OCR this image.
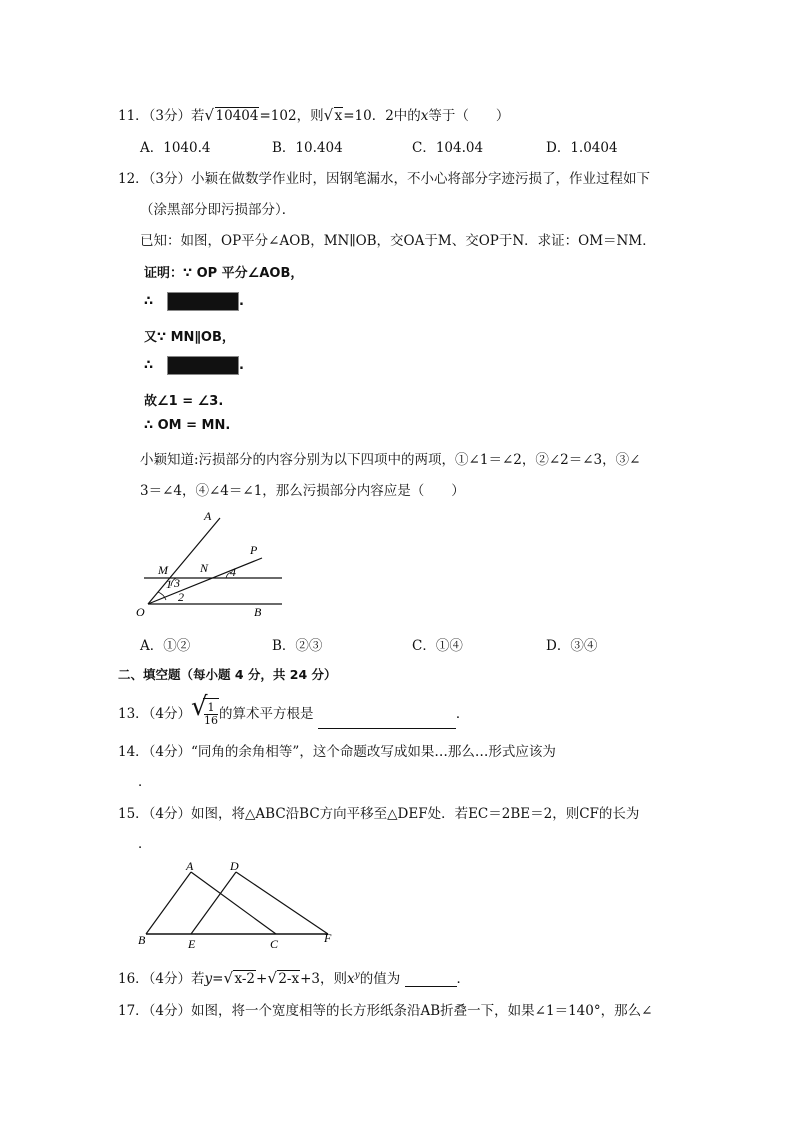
11．（3分）若 √ 10404=102，则 √ x=10．2中的x等于（　　）
A．1040.4	B．10.404	C．104.04	D．1.0404
12．（3分）小颖在做数学作业时，因钢笔漏水，不小心将部分字迹污损了，作业过程如下
（涂黑部分即污损部分）．
已知：如图，OP平分∠AOB，MN∥OB，交OA于M、交OP于N．求证：OM＝NM．
证明：∵ OP 平分∠AOB，
∴	.
又∵ MN∥OB，
∴	.
故∠1 = ∠3.
∴ OM = MN.
小颖知道:污损部分的内容分别为以下四项中的两项，①∠1＝∠2，②∠2＝∠3，③∠
3＝∠4，④∠4＝∠1，那么污损部分内容应是（　　）
A
P
M	N
1 3
4
2
O	B
A．①②	B．②③	C．①④	D．③④
二、填空题（每小题 4 分，共 24 分）
13．（4分） √
$\frac{1}{16}$ 的算术平方根是	．
14．（4分）“同角的余角相等”，这个命题改写成如果…那么…形式应该为
．
15．（4分）如图，将△ABC沿BC方向平移至△DEF处．若EC＝2BE＝2，则CF的长为
．
A	D
B	E	C	F
16．（4分）若y= √ x-2+ √ 2-x+3，则$x^y$的值为	．
17．（4分）如图，将一个宽度相等的长方形纸条沿AB折叠一下，如果∠1＝140°，那么∠
